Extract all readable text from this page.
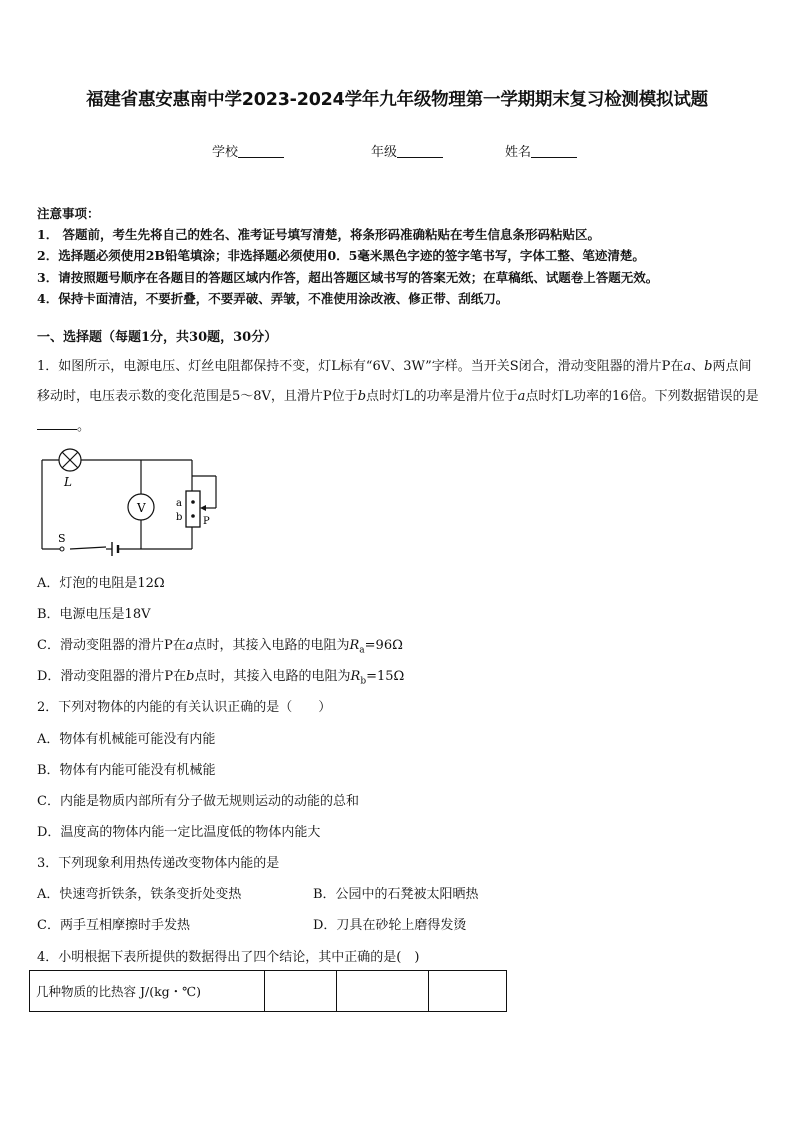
福建省惠安惠南中学2023-2024学年九年级物理第一学期期末复习检测模拟试题
学校	年级	姓名
注意事项：
1． 答题前，考生先将自己的姓名、准考证号填写清楚，将条形码准确粘贴在考生信息条形码粘贴区。
2．选择题必须使用2B铅笔填涂；非选择题必须使用0．5毫米黑色字迹的签字笔书写，字体工整、笔迹清楚。
3．请按照题号顺序在各题目的答题区域内作答，超出答题区域书写的答案无效；在草稿纸、试题卷上答题无效。
4．保持卡面清洁，不要折叠，不要弄破、弄皱，不准使用涂改液、修正带、刮纸刀。
一、选择题（每题1分，共30题，30分）
1．如图所示，电源电压、灯丝电阻都保持不变，灯L标有“6V、3W”字样。当开关S闭合，滑动变阻器的滑片P在a、b两点间移动时，电压表示数的变化范围是5～8V，且滑片P位于b点时灯L的功率是滑片位于a点时灯L功率的16倍。下列数据错误的是。
L
V
S
a
b P
A．灯泡的电阻是12Ω
B．电源电压是18V
C．滑动变阻器的滑片P在a点时，其接入电路的电阻为$R_a=96\Omega$
D．滑动变阻器的滑片P在b点时，其接入电路的电阻为$R_b=15\Omega$
2．下列对物体的内能的有关认识正确的是（　　）
A．物体有机械能可能没有内能
B．物体有内能可能没有机械能
C．内能是物质内部所有分子做无规则运动的动能的总和
D．温度高的物体内能一定比温度低的物体内能大
3．下列现象利用热传递改变物体内能的是
A．快速弯折铁条，铁条变折处变热	B．公园中的石凳被太阳晒热
C．两手互相摩擦时手发热	D．刀具在砂轮上磨得发烫
4．小明根据下表所提供的数据得出了四个结论，其中正确的是(　)
几种物质的比热容 J/(kg・℃)			
